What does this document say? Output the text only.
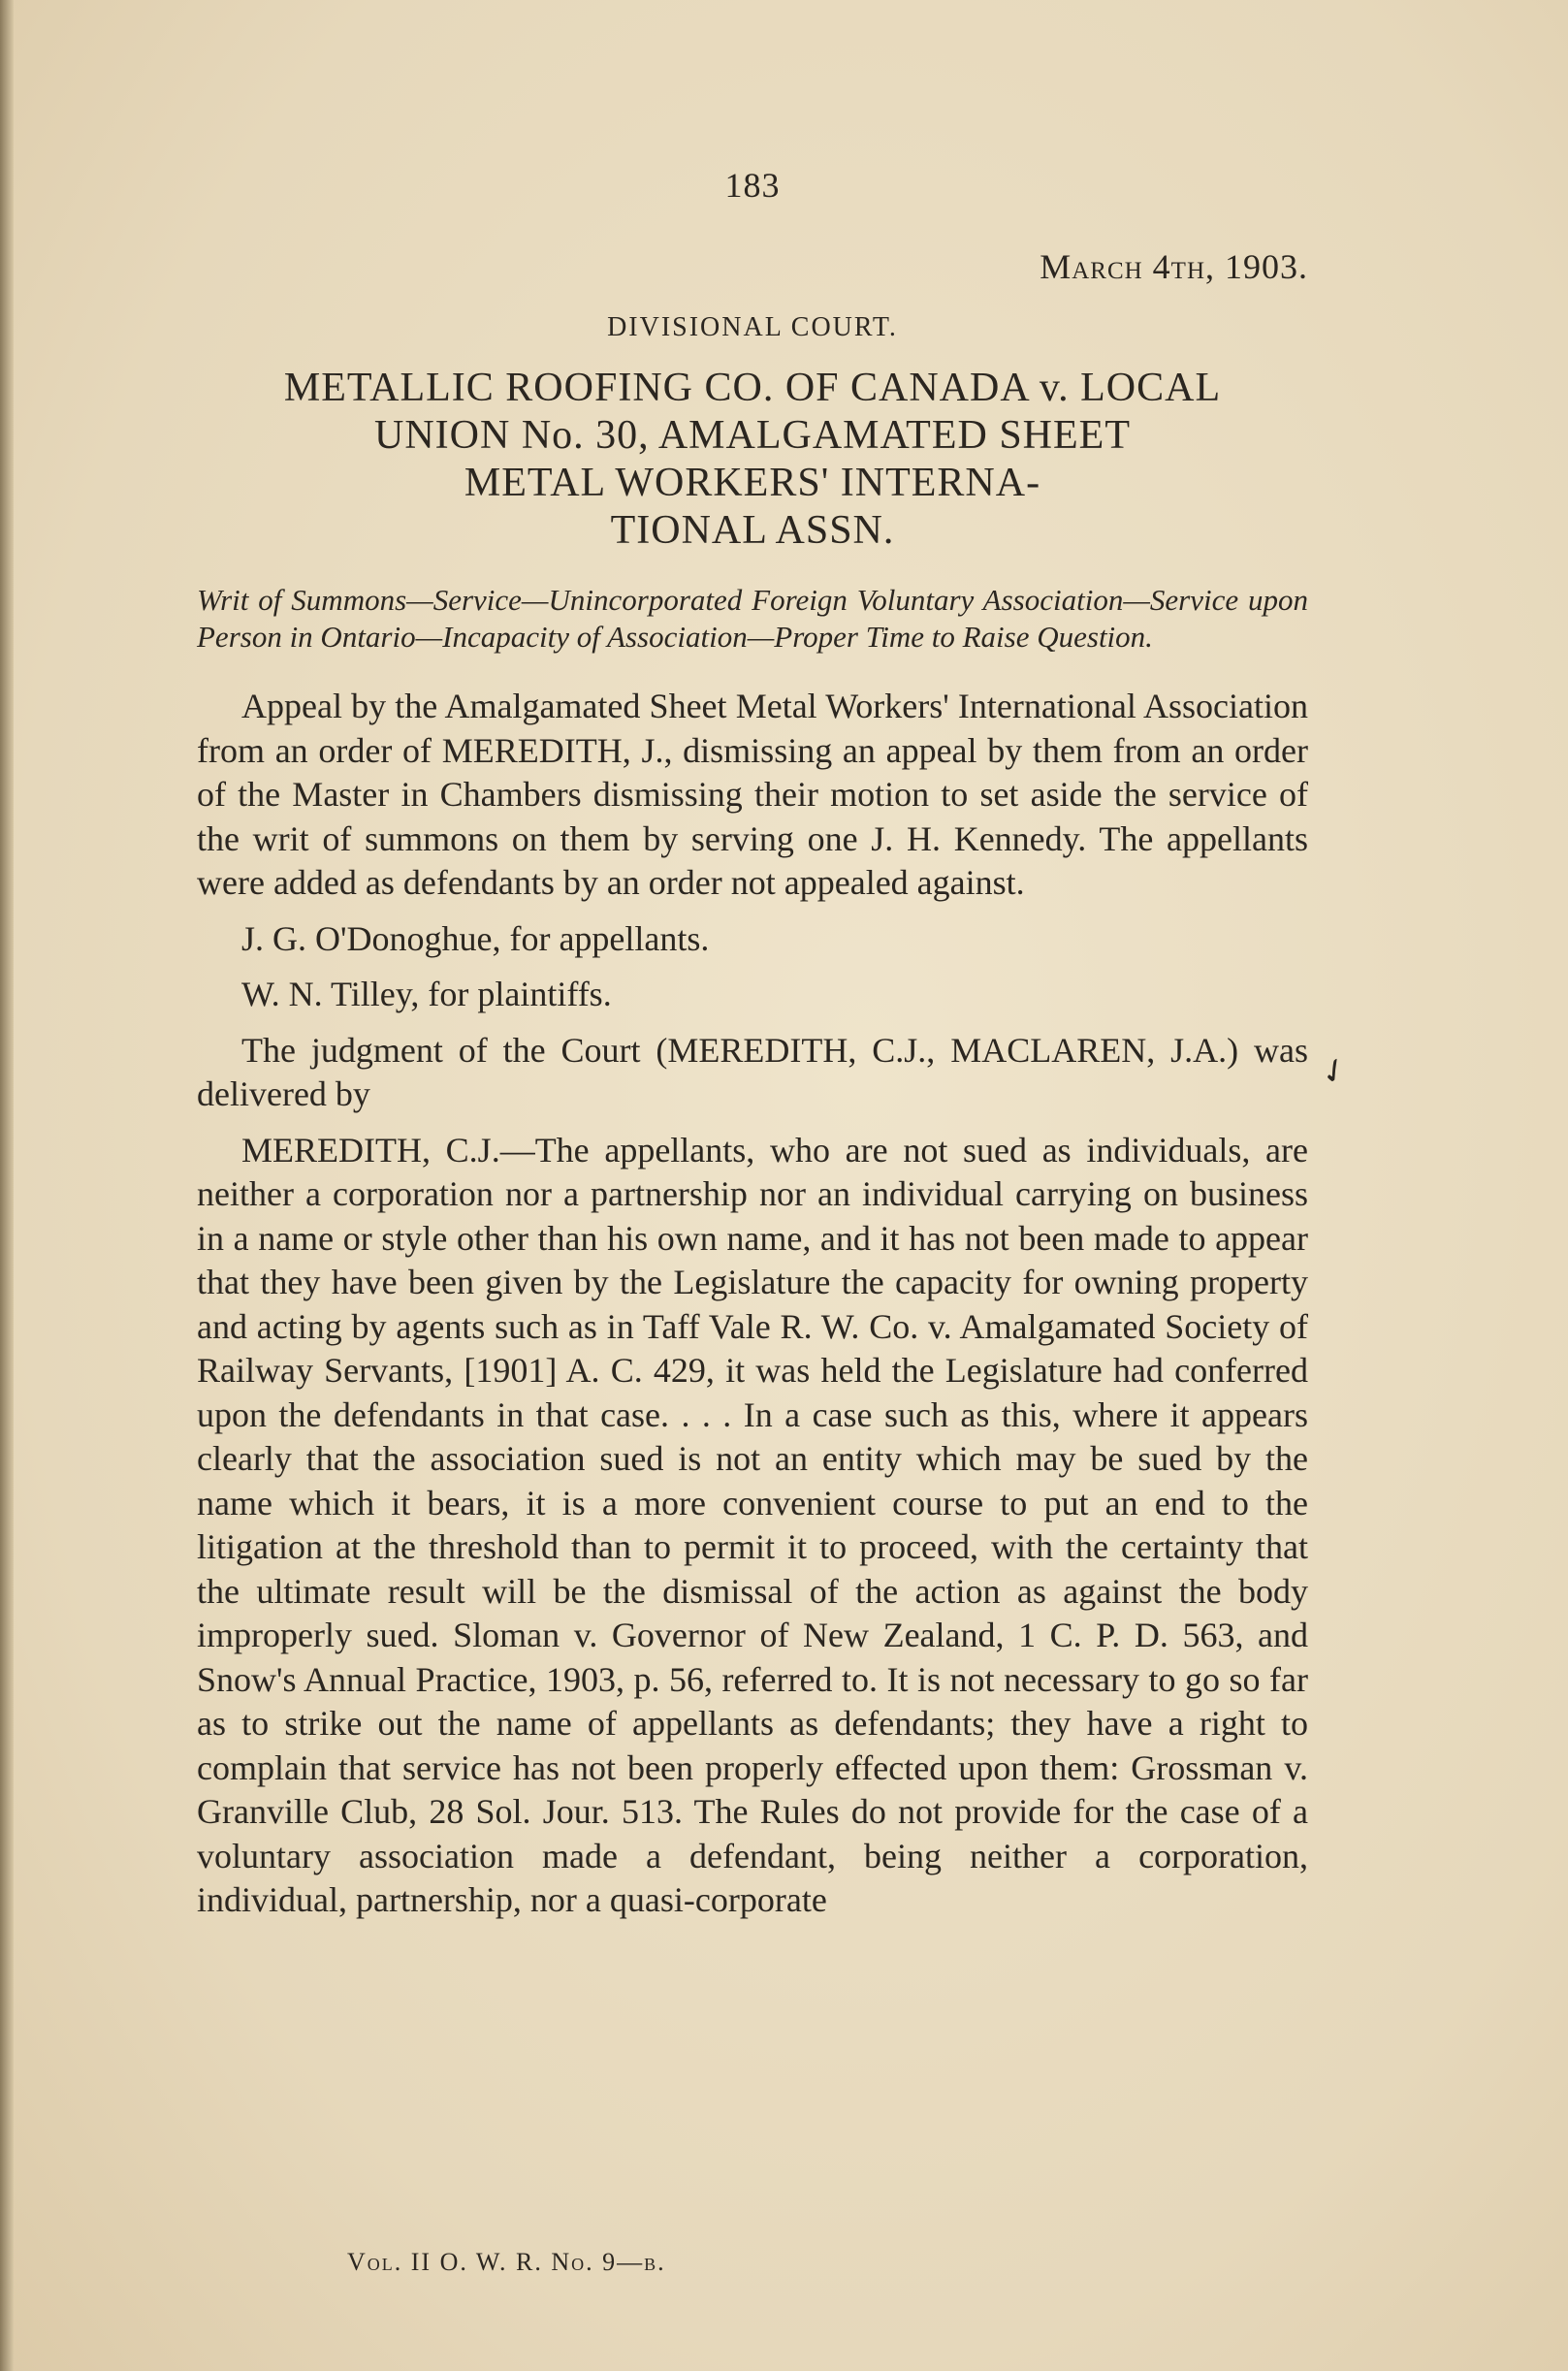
183
March 4th, 1903.
DIVISIONAL COURT.
METALLIC ROOFING CO. OF CANADA v. LOCAL
UNION No. 30, AMALGAMATED SHEET
METAL WORKERS' INTERNA-
TIONAL ASSN.
Writ of Summons—Service—Unincorporated Foreign Voluntary Association—Service upon Person in Ontario—Incapacity of Association—Proper Time to Raise Question.

Appeal by the Amalgamated Sheet Metal Workers' International Association from an order of MEREDITH, J., dismissing an appeal by them from an order of the Master in Chambers dismissing their motion to set aside the service of the writ of summons on them by serving one J. H. Kennedy. The appellants were added as defendants by an order not appealed against.

J. G. O'Donoghue, for appellants.

W. N. Tilley, for plaintiffs.

The judgment of the Court (MEREDITH, C.J., MACLAREN, J.A.) was delivered by

MEREDITH, C.J.—The appellants, who are not sued as individuals, are neither a corporation nor a partnership nor an individual carrying on business in a name or style other than his own name, and it has not been made to appear that they have been given by the Legislature the capacity for owning property and acting by agents such as in Taff Vale R. W. Co. v. Amalgamated Society of Railway Servants, [1901] A. C. 429, it was held the Legislature had conferred upon the defendants in that case. . . . In a case such as this, where it appears clearly that the association sued is not an entity which may be sued by the name which it bears, it is a more convenient course to put an end to the litigation at the threshold than to permit it to proceed, with the certainty that the ultimate result will be the dismissal of the action as against the body improperly sued. Sloman v. Governor of New Zealand, 1 C. P. D. 563, and Snow's Annual Practice, 1903, p. 56, referred to. It is not necessary to go so far as to strike out the name of appellants as defendants; they have a right to complain that service has not been properly effected upon them: Grossman v. Granville Club, 28 Sol. Jour. 513. The Rules do not provide for the case of a voluntary association made a defendant, being neither a corporation, individual, partnership, nor a quasi-corporate

✓
Vol. II O. W. R. No. 9—b.
